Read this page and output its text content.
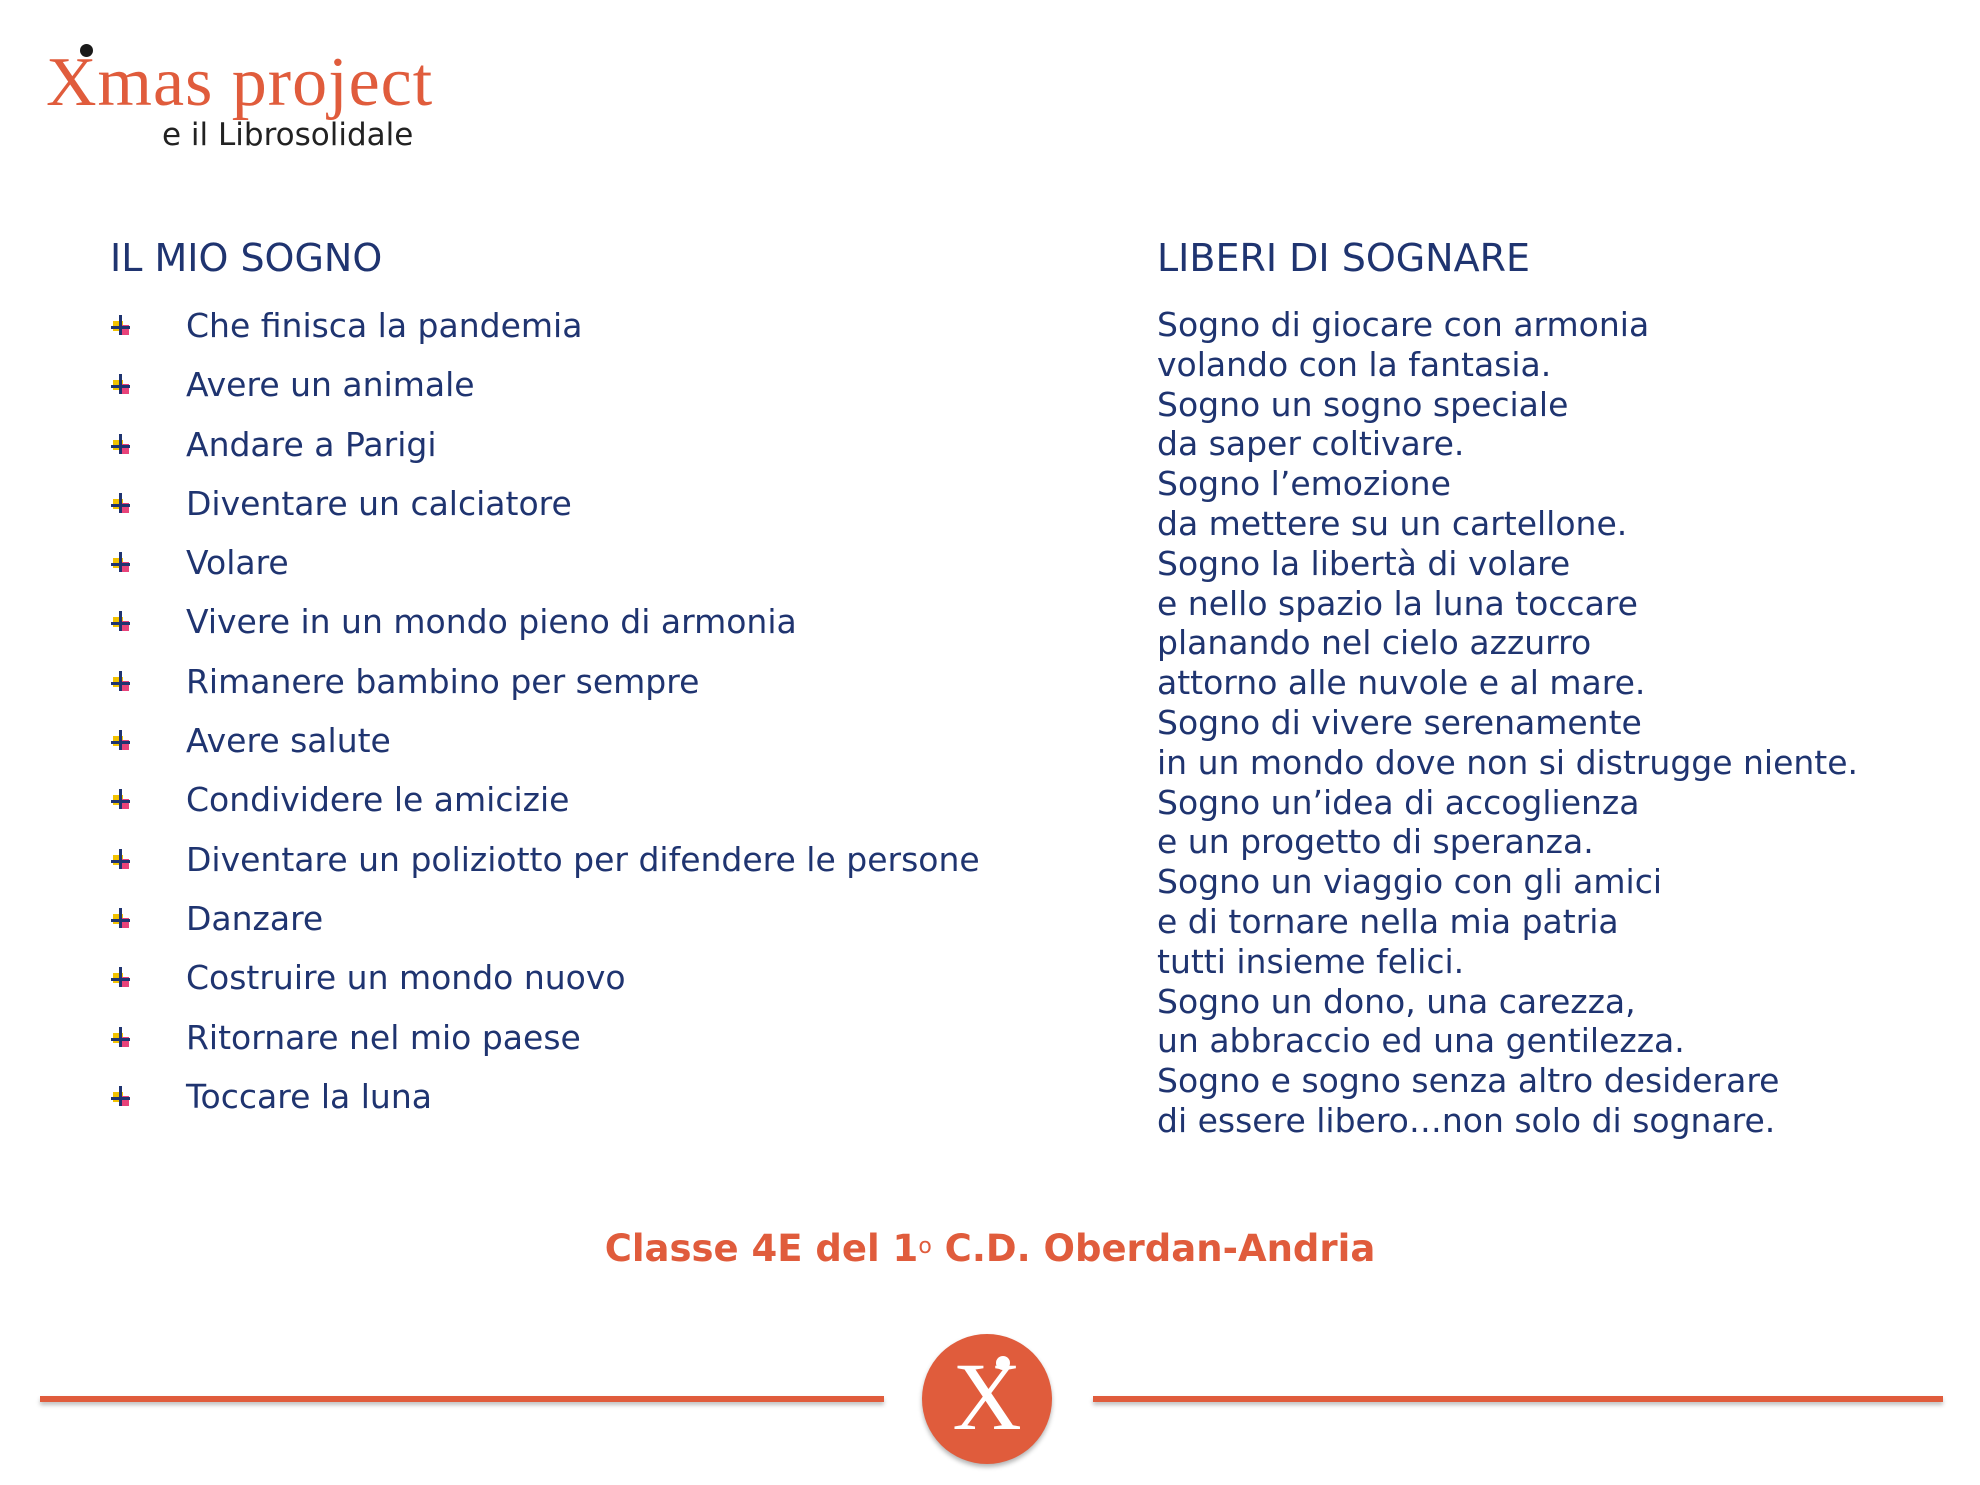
Xmas project
e il Librosolidale
IL MIO SOGNO
Che finisca la pandemia
Avere un animale
Andare a Parigi
Diventare un calciatore
Volare
Vivere in un mondo pieno di armonia
Rimanere bambino per sempre
Avere salute
Condividere le amicizie
Diventare un poliziotto per difendere le persone
Danzare
Costruire un mondo nuovo
Ritornare nel mio paese
Toccare la luna
LIBERI DI SOGNARE
Sogno di giocare con armonia
volando con la fantasia.
Sogno un sogno speciale
da saper coltivare.
Sogno l’emozione
da mettere su un cartellone.
Sogno la libertà di volare
e nello spazio la luna toccare
planando nel cielo azzurro
attorno alle nuvole e al mare.
Sogno di vivere serenamente
in un mondo dove non si distrugge niente.
Sogno un’idea di accoglienza
e un progetto di speranza.
Sogno un viaggio con gli amici
e di tornare nella mia patria
tutti insieme felici.
Sogno un dono, una carezza,
un abbraccio ed una gentilezza.
Sogno e sogno senza altro desiderare
di essere libero…non solo di sognare.
Classe 4E del 1$^o$ C.D. Oberdan-Andria
X
